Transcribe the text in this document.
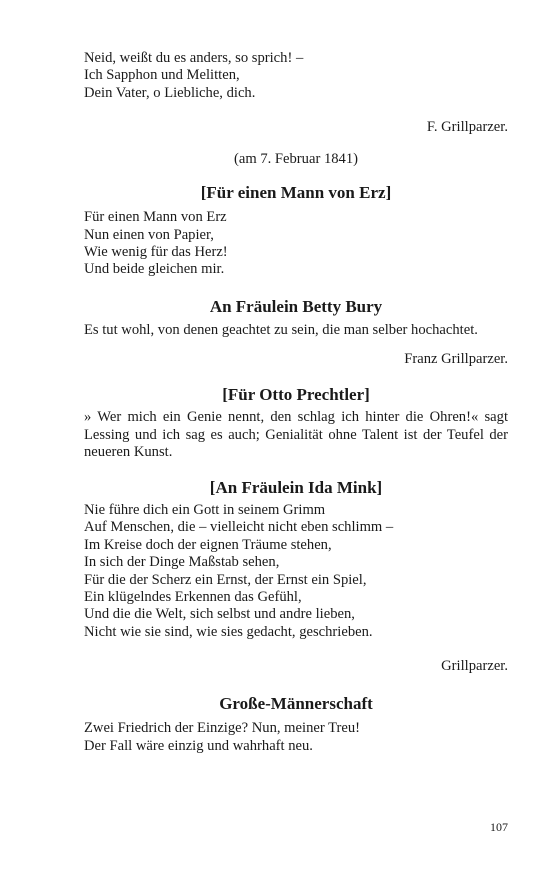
Neid, weißt du es anders, so sprich! –
Ich Sapphon und Melitten,
Dein Vater, o Liebliche, dich.
F. Grillparzer.
(am 7. Februar 1841)
[Für einen Mann von Erz]
Für einen Mann von Erz
Nun einen von Papier,
Wie wenig für das Herz!
Und beide gleichen mir.
An Fräulein Betty Bury
Es tut wohl, von denen geachtet zu sein, die man selber hochachtet.
Franz Grillparzer.
[Für Otto Prechtler]
» Wer mich ein Genie nennt, den schlag ich hinter die Ohren!« sagt Lessing und ich sag es auch; Genialität ohne Talent ist der Teufel der neueren Kunst.
[An Fräulein Ida Mink]
Nie führe dich ein Gott in seinem Grimm
Auf Menschen, die – vielleicht nicht eben schlimm –
Im Kreise doch der eignen Träume stehen,
In sich der Dinge Maßstab sehen,
Für die der Scherz ein Ernst, der Ernst ein Spiel,
Ein klügelndes Erkennen das Gefühl,
Und die die Welt, sich selbst und andre lieben,
Nicht wie sie sind, wie sies gedacht, geschrieben.
Grillparzer.
Große-Männerschaft
Zwei Friedrich der Einzige? Nun, meiner Treu!
Der Fall wäre einzig und wahrhaft neu.
107
